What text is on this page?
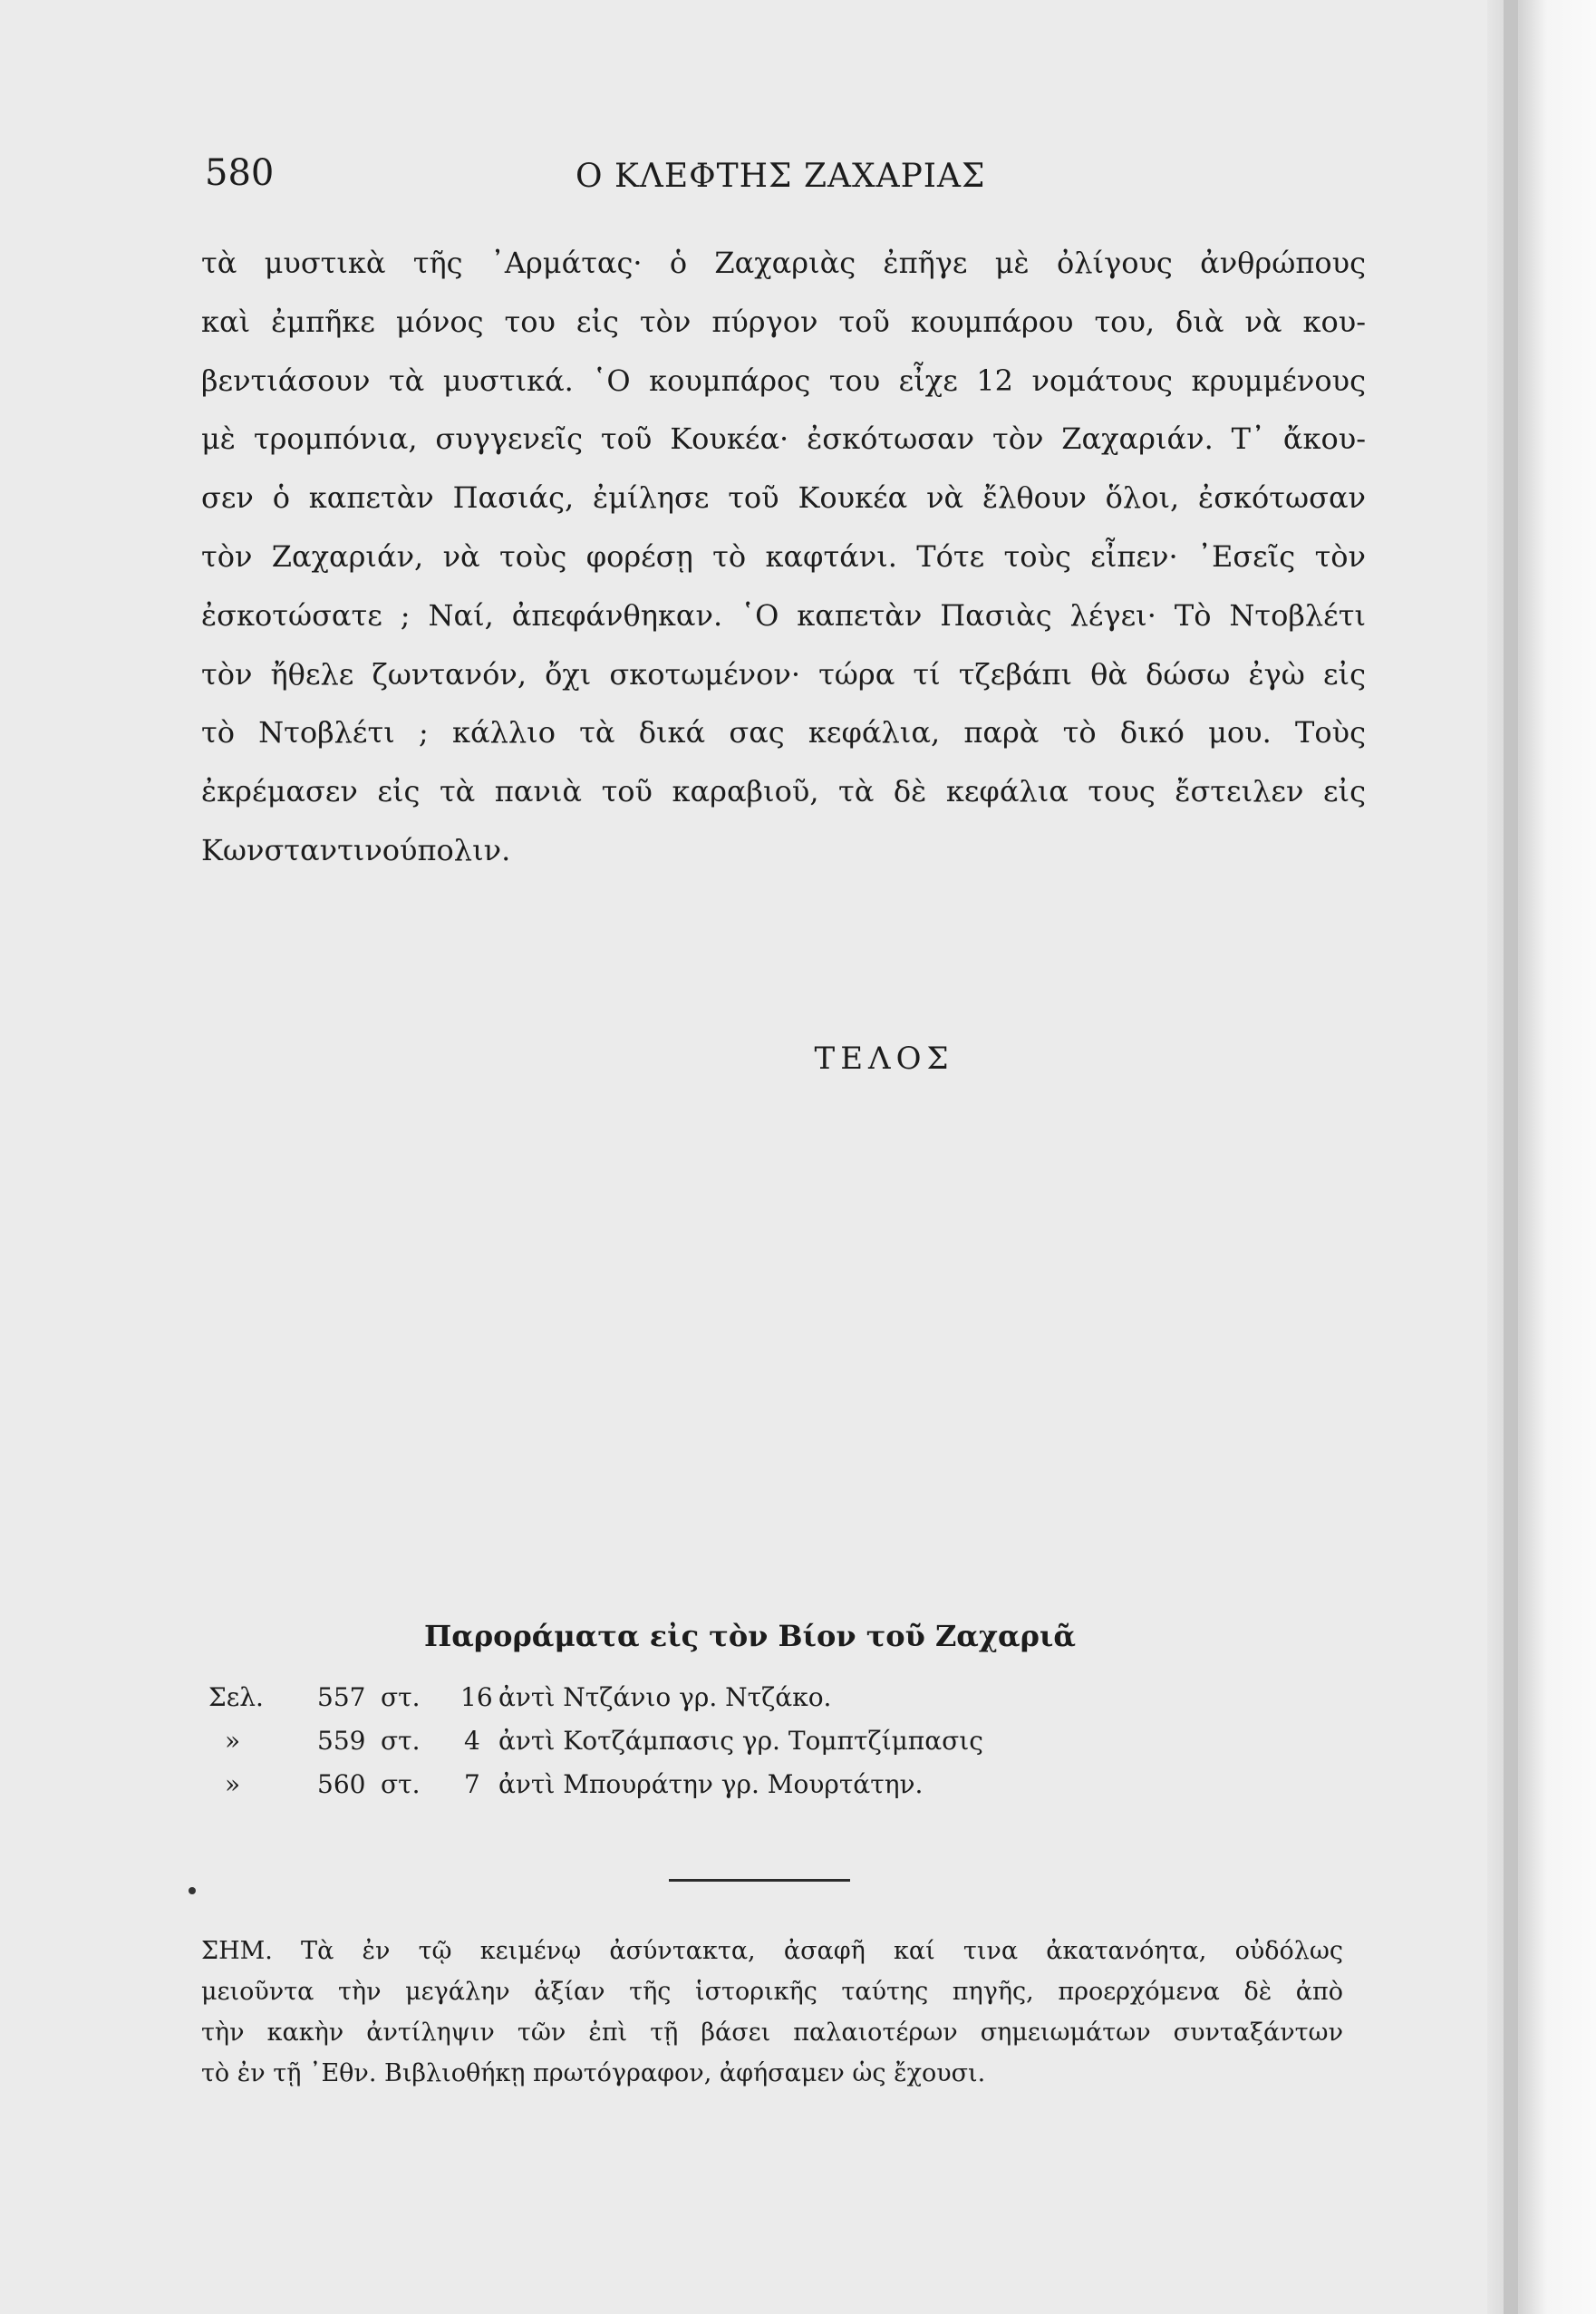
580	Ο ΚΛΕΦΤΗΣ ΖΑΧΑΡΙΑΣ
τὰ μυστικὰ τῆς ᾿Αρμάτας· ὁ Ζαχαριὰς ἐπῆγε μὲ ὀλίγους ἀνθρώπους
καὶ ἐμπῆκε μόνος του εἰς τὸν πύργον τοῦ κουμπάρου του, διὰ νὰ κου-
βεντιάσουν τὰ μυστικά. ῾Ο κουμπάρος του εἶχε 12 νομάτους κρυμμένους
μὲ τρομπόνια, συγγενεῖς τοῦ Κουκέα· ἐσκότωσαν τὸν Ζαχαριάν. Τ᾿ ἄκου-
σεν ὁ καπετὰν Πασιάς, ἐμίλησε τοῦ Κουκέα νὰ ἔλθουν ὅλοι, ἐσκότωσαν
τὸν Ζαχαριάν, νὰ τοὺς φορέσῃ τὸ καφτάνι. Τότε τοὺς εἶπεν· ᾿Εσεῖς τὸν
ἐσκοτώσατε ; Ναί, ἀπεφάνθηκαν. ῾Ο καπετὰν Πασιὰς λέγει· Τὸ Ντοβλέτι
τὸν ἤθελε ζωντανόν, ὄχι σκοτωμένον· τώρα τί τζεβάπι θὰ δώσω ἐγὼ εἰς
τὸ Ντοβλέτι ; κάλλιο τὰ δικά σας κεφάλια, παρὰ τὸ δικό μου. Τοὺς
ἐκρέμασεν εἰς τὰ πανιὰ τοῦ καραβιοῦ, τὰ δὲ κεφάλια τους ἔστειλεν εἰς
Κωνσταντινούπολιν.
ΤΕΛΟΣ
Παροράματα εἰς τὸν Βίον τοῦ Ζαχαριᾶ
Σελ. 557 στ. 16 ἀντὶ Ντζάνιο γρ. Ντζάκο.
»	559 στ. 4 ἀντὶ Κοτζάμπασις γρ. Τομπτζίμπασις
»	560 στ. 7 ἀντὶ Μπουράτην γρ. Μουρτάτην.
ΣΗΜ. Τὰ ἐν τῷ κειμένῳ ἀσύντακτα, ἀσαφῆ καί τινα ἀκατανόητα, οὐδόλως
μειοῦντα τὴν μεγάλην ἀξίαν τῆς ἱστορικῆς ταύτης πηγῆς, προερχόμενα δὲ ἀπὸ
τὴν κακὴν ἀντίληψιν τῶν ἐπὶ τῇ βάσει παλαιοτέρων σημειωμάτων συνταξάντων
τὸ ἐν τῇ ᾿Εθν. Βιβλιοθήκῃ πρωτόγραφον, ἀφήσαμεν ὡς ἔχουσι.
